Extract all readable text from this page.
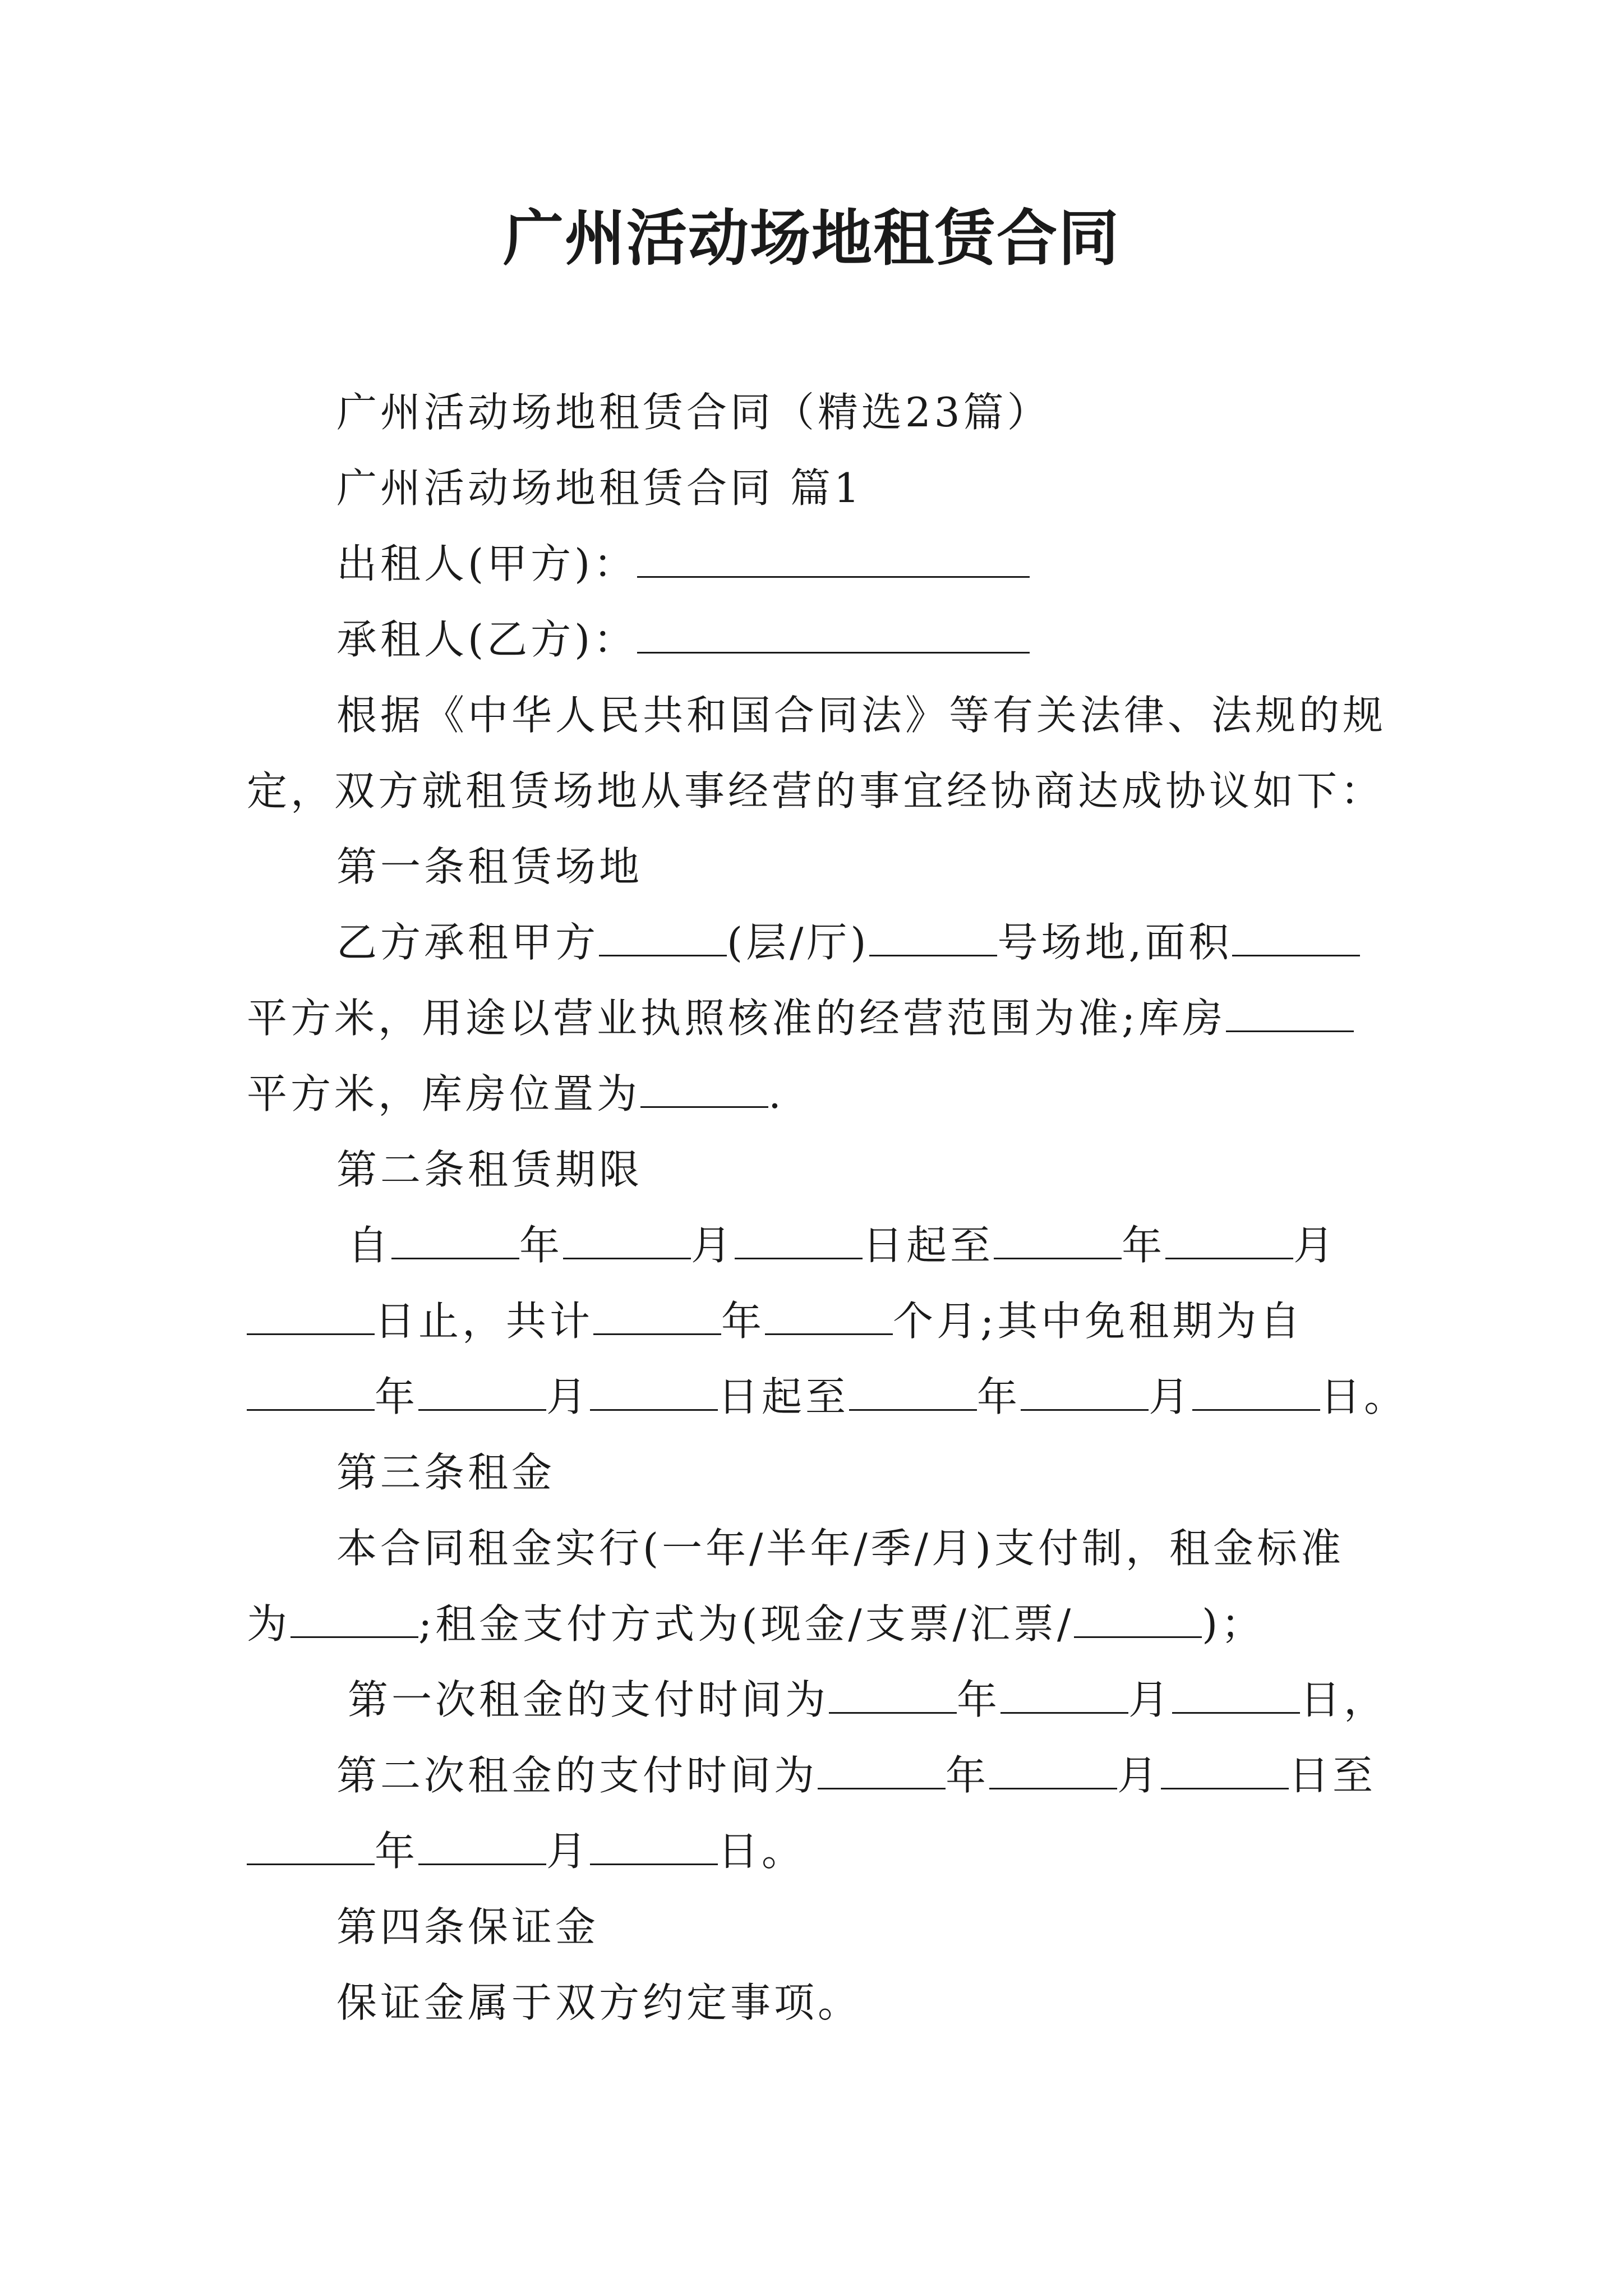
广州活动场地租赁合同
广州活动场地租赁合同（精选23篇）
广州活动场地租赁合同 篇1
出租人(甲方)：
承租人(乙方)：
根据《中华人民共和国合同法》等有关法律、法规的规
定，双方就租赁场地从事经营的事宜经协商达成协议如下：
第一条租赁场地
乙方承租甲方	(层/厅)	号场地,面积
平方米，用途以营业执照核准的经营范围为准;库房
平方米，库房位置为	.
第二条租赁期限
自	年	月	日起至	年	月
日止，共计	年	个月;其中免租期为自
年	月	日起至	年	月	日。
第三条租金
本合同租金实行(一年/半年/季/月)支付制，租金标准
为	;租金支付方式为(现金/支票/汇票/	)；
第一次租金的支付时间为	年	月	日，
第二次租金的支付时间为	年	月	日至
年	月	日。
第四条保证金
保证金属于双方约定事项。
